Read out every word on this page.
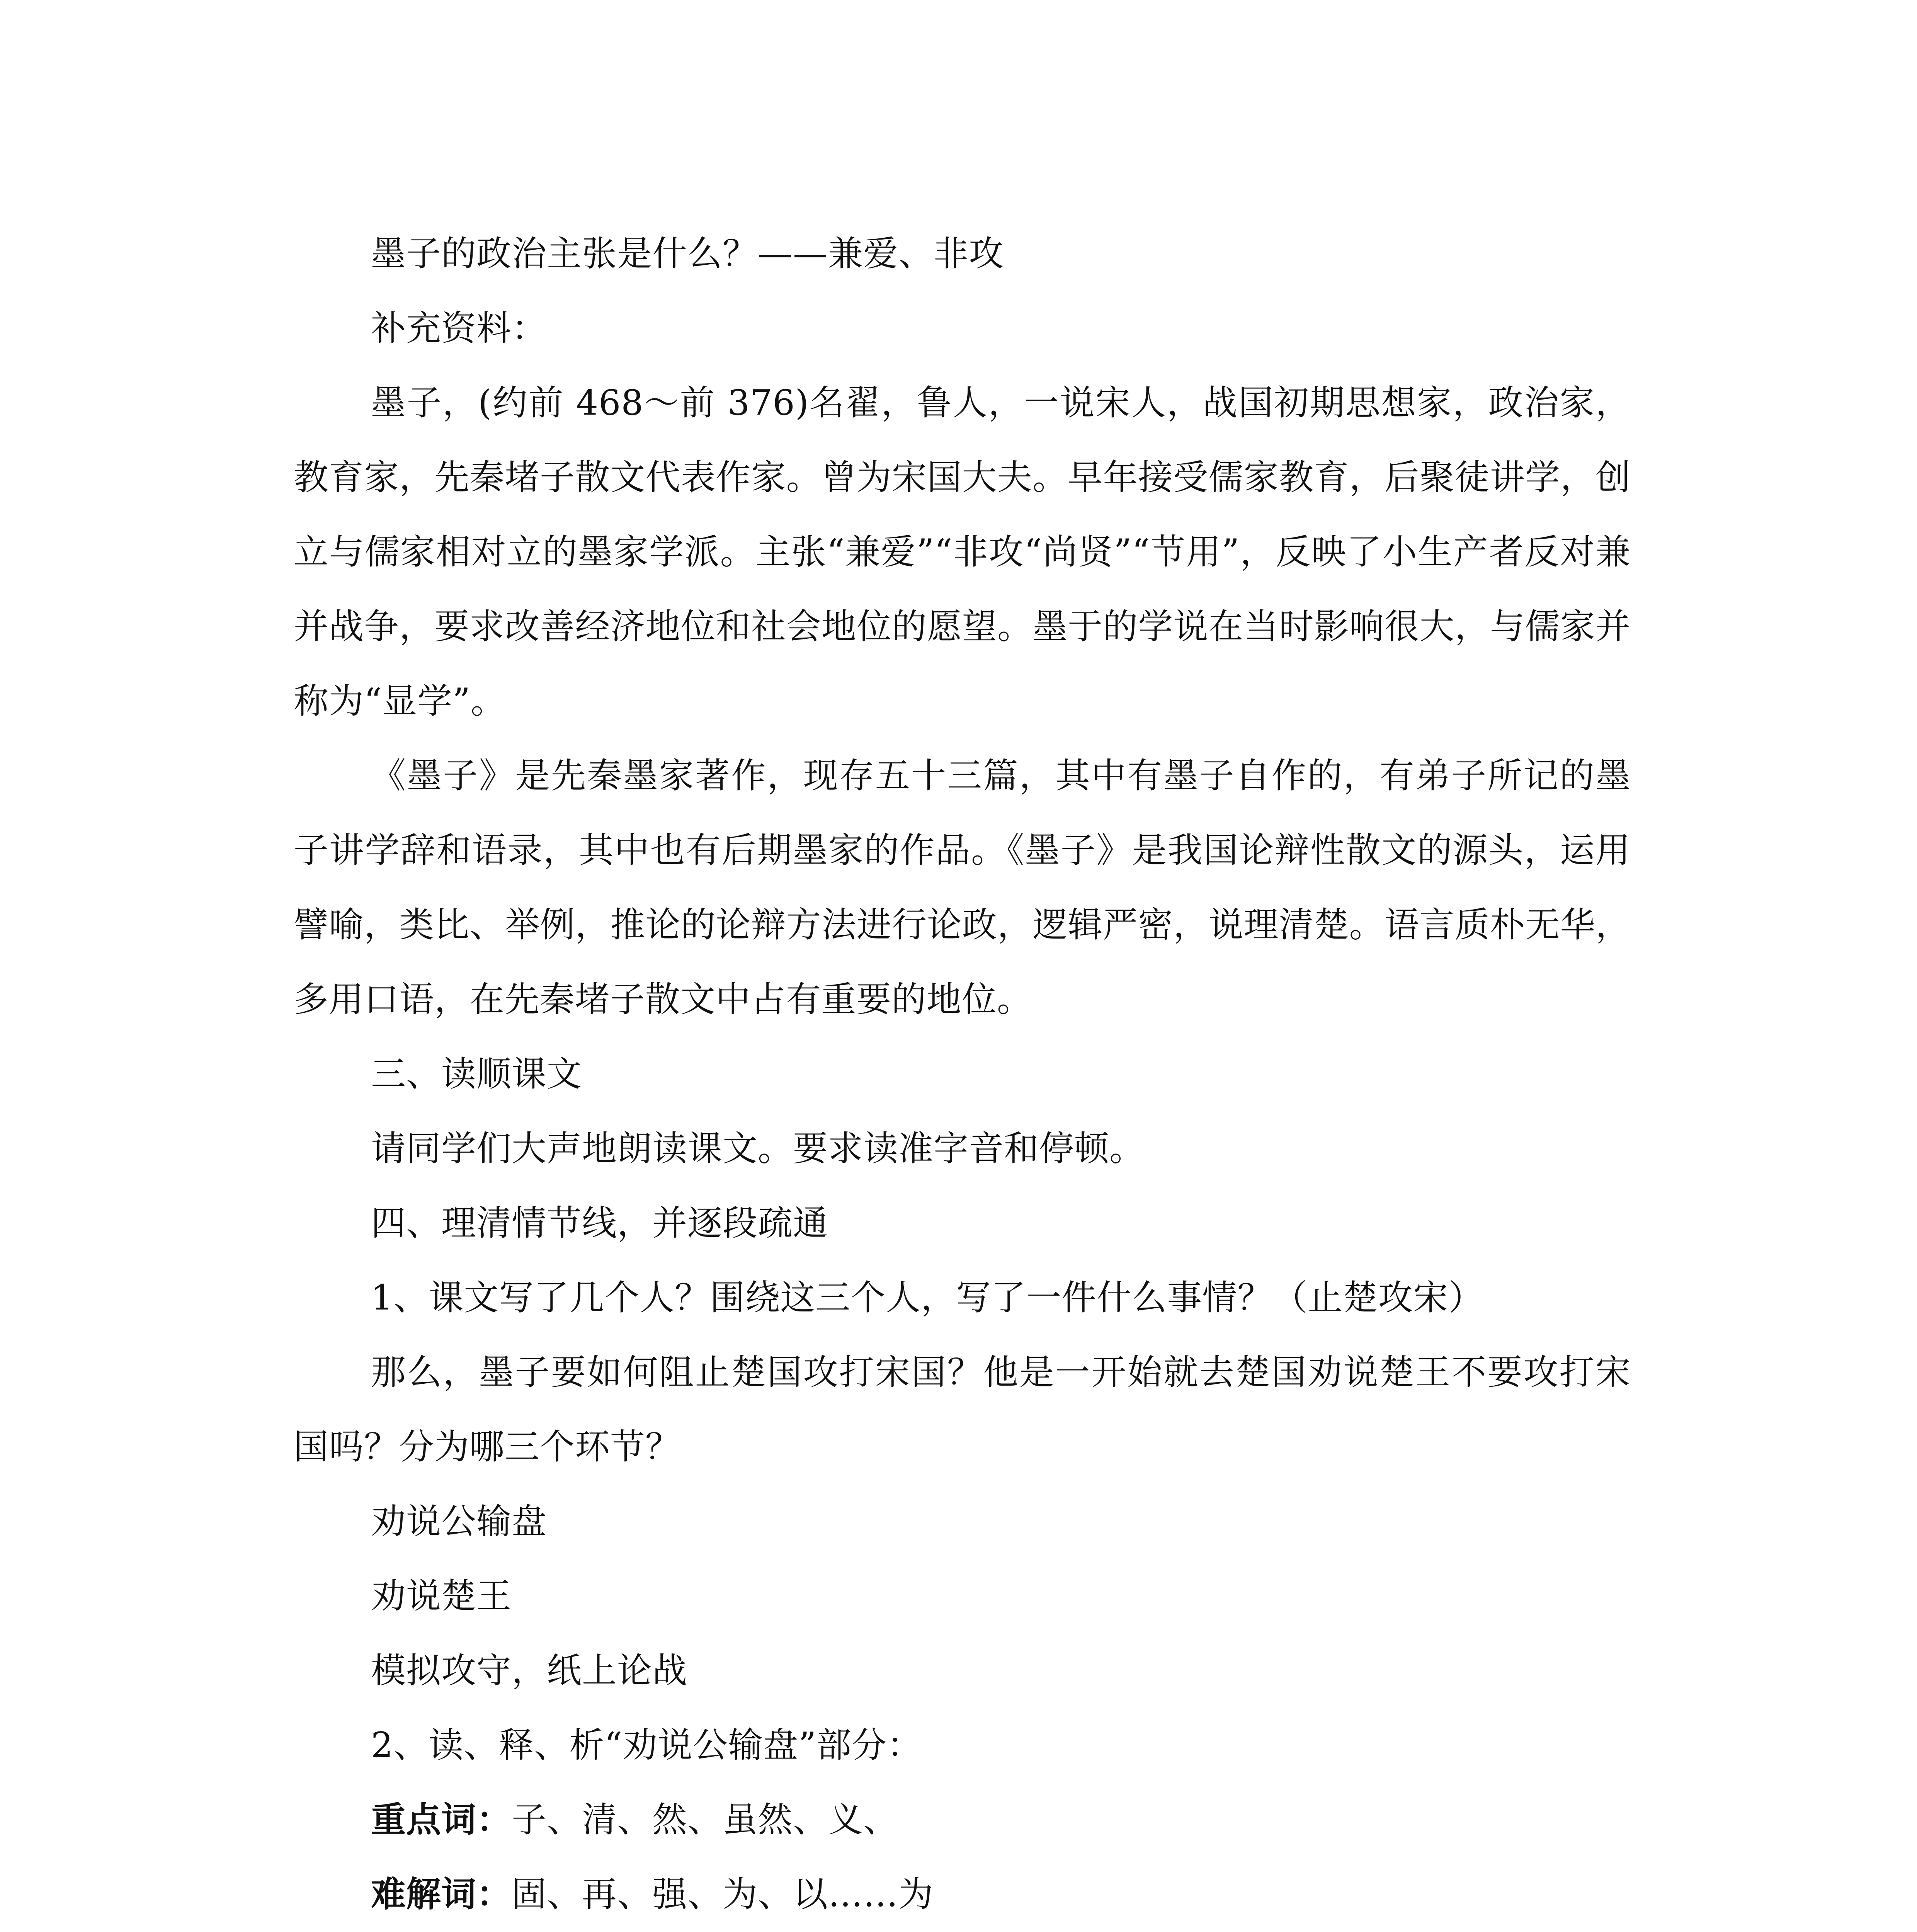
墨子的政治主张是什么？——兼爱、非攻

补充资料：

墨子，(约前 468～前 376)名翟，鲁人，一说宋人，战国初期思想家，政治家，教育家，先秦堵子散文代表作家。曾为宋国大夫。早年接受儒家教育，后聚徒讲学，创立与儒家相对立的墨家学派。主张“兼爱”“非攻“尚贤”“节用”，反映了小生产者反对兼并战争，要求改善经济地位和社会地位的愿望。墨于的学说在当时影响很大，与儒家并称为“显学”。

《墨子》是先秦墨家著作，现存五十三篇，其中有墨子自作的，有弟子所记的墨子讲学辞和语录，其中也有后期墨家的作品。《墨子》是我国论辩性散文的源头，运用譬喻，类比、举例，推论的论辩方法进行论政，逻辑严密，说理清楚。语言质朴无华，多用口语，在先秦堵子散文中占有重要的地位。

三、读顺课文

请同学们大声地朗读课文。要求读准字音和停顿。

四、理清情节线，并逐段疏通

1、课文写了几个人？围绕这三个人，写了一件什么事情？（止楚攻宋）

那么，墨子要如何阻止楚国攻打宋国？他是一开始就去楚国劝说楚王不要攻打宋国吗？分为哪三个环节？

劝说公输盘

劝说楚王

模拟攻守，纸上论战

2、读、释、析“劝说公输盘”部分：

重点词：子、清、然、虽然、义、

难解词：固、再、强、为、以……为
